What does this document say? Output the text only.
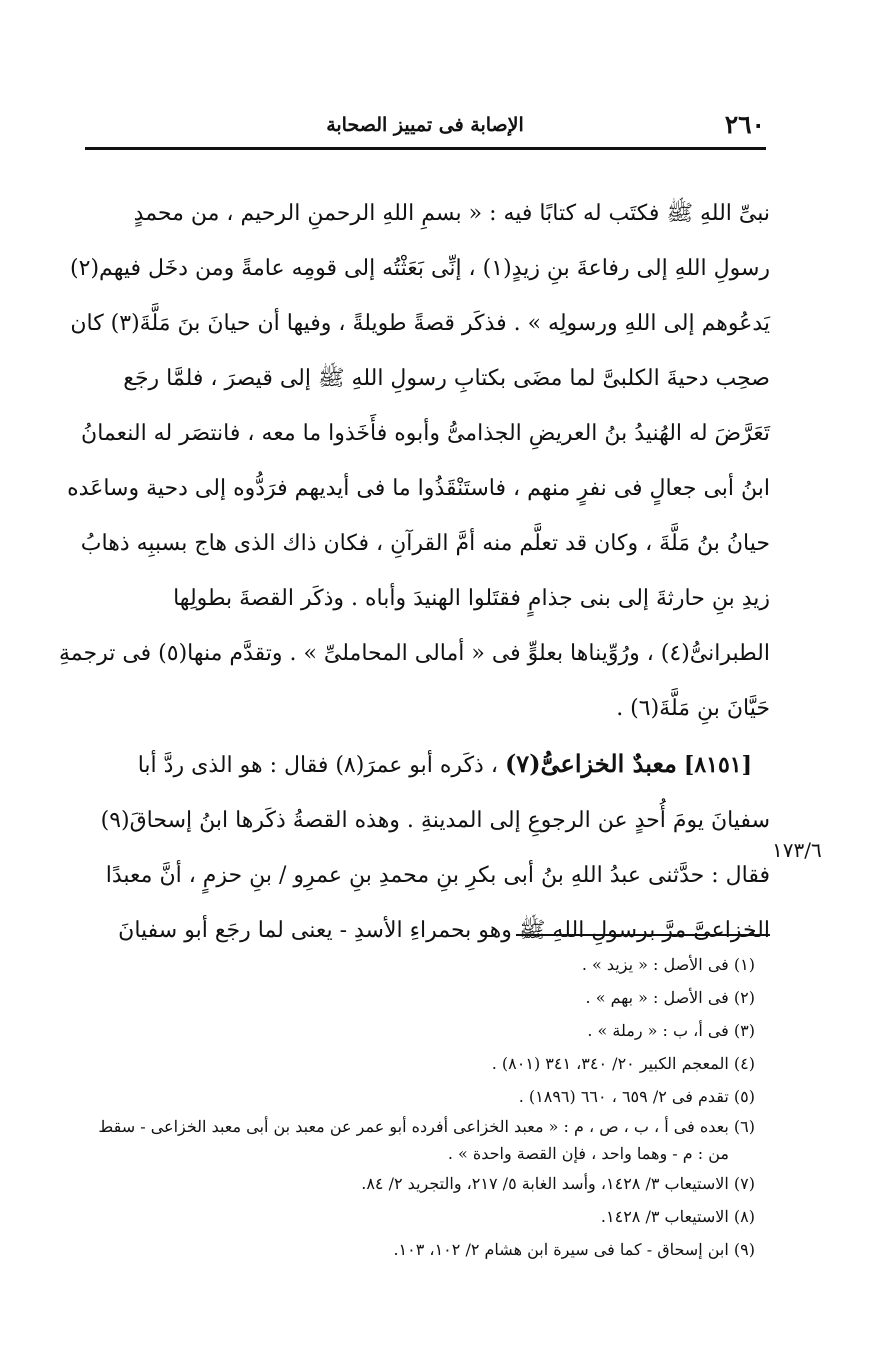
٢٦٠
الإصابة فى تمييز الصحابة
نبىِّ اللهِ ﷺ فكتَب له كتابًا فيه : « بسمِ اللهِ الرحمنِ الرحيم ، من محمدٍ
رسولِ اللهِ إلى رفاعةَ بنِ زيدٍ(١) ، إنِّى بَعَثْتُه إلى قومِه عامةً ومن دخَل فيهم(٢)
يَدعُوهم إلى اللهِ ورسولِه » . فذكَر قصةً طويلةً ، وفيها أن حيانَ بنَ مَلَّةَ(٣) كان
صحِب دحيةَ الكلبىَّ لما مضَى بكتابِ رسولِ اللهِ ﷺ إلى قيصرَ ، فلمَّا رجَع
تَعَرَّضَ له الهُنيدُ بنُ العريضِ الجذامىُّ وأبوه فأَخَذوا ما معه ، فانتصَر له النعمانُ
ابنُ أبى جعالٍ فى نفرٍ منهم ، فاستَنْقَذُوا ما فى أيديهم فرَدُّوه إلى دحية وساعَده
حيانُ بنُ مَلَّةَ ، وكان قد تعلَّم منه أمَّ القرآنِ ، فكان ذاك الذى هاج بسببِه ذهابُ
زيدِ بنِ حارثةَ إلى بنى جذامٍ فقتَلوا الهنيدَ وأباه . وذكَر القصةَ بطولِها
الطبرانىُّ(٤) ، ورُوِّيناها بعلوٍّ فى « أمالى المحاملىِّ » . وتقدَّم منها(٥) فى ترجمةِ
حَيَّانَ بنِ مَلَّةَ(٦) .
[٨١٥١] معبدٌ الخزاعىُّ(٧) ، ذكَره أبو عمرَ(٨) فقال : هو الذى ردَّ أبا
سفيانَ يومَ أُحدٍ عن الرجوعِ إلى المدينةِ . وهذه القصةُ ذكَرها ابنُ إسحاقَ(٩)
فقال : حدَّثنى عبدُ اللهِ بنُ أبى بكرِ بنِ محمدِ بنِ عمرِو / بنِ حزمٍ ، أنَّ معبدًا
الخزاعىَّ مرَّ برسولِ اللهِ ﷺ وهو بحمراءِ الأسدِ - يعنى لما رجَع أبو سفيانَ
١٧٣/٦
(١) فى الأصل : « يزيد » .
(٢) فى الأصل : « بهم » .
(٣) فى أ، ب : « رملة » .
(٤) المعجم الكبير ٢٠/ ٣٤٠، ٣٤١ (٨٠١) .
(٥) تقدم فى ٢/ ٦٥٩ ، ٦٦٠ (١٨٩٦) .
(٦) بعده فى أ ، ب ، ص ، م : « معبد الخزاعى أفرده أبو عمر عن معبد بن أبى معبد الخزاعى - سقط
من : م - وهما واحد ، فإن القصة واحدة » .
(٧) الاستيعاب ٣/ ١٤٢٨، وأسد الغابة ٥/ ٢١٧، والتجريد ٢/ ٨٤.
(٨) الاستيعاب ٣/ ١٤٢٨.
(٩) ابن إسحاق - كما فى سيرة ابن هشام ٢/ ١٠٢، ١٠٣.
